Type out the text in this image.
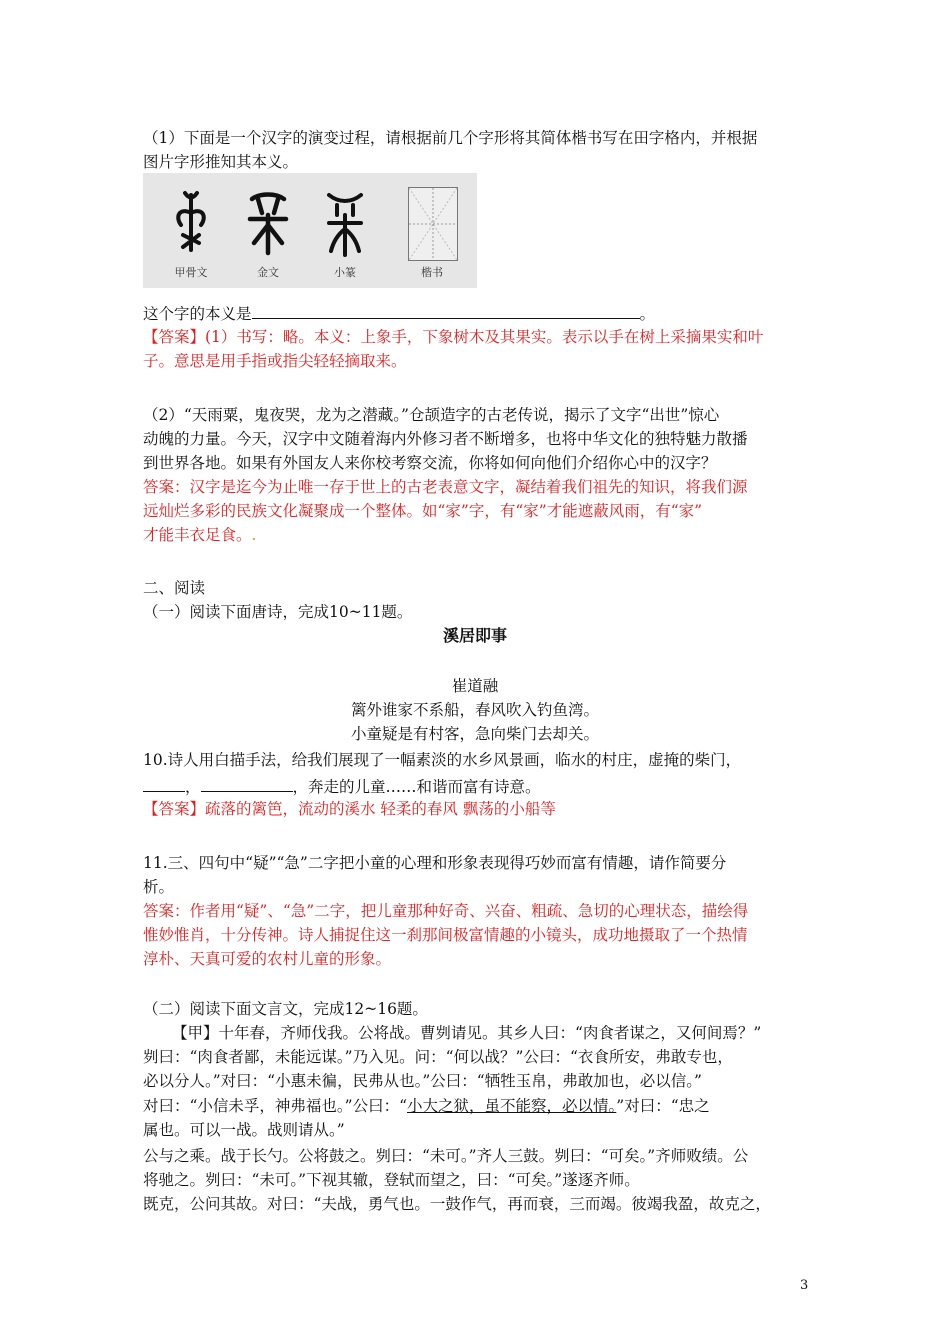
（1）下面是一个汉字的演变过程，请根据前几个字形将其简体楷书写在田字格内，并根据
图片字形推知其本义。
甲骨文	金文	小篆	楷书
这个字的本义是	。
【答案】(1）书写：略。本义：上象手，下象树木及其果实。表示以手在树上采摘果实和叶
子。意思是用手指或指尖轻轻摘取来。
（2）“天雨粟，鬼夜哭，龙为之潜藏。”仓颉造字的古老传说，揭示了文字“出世”惊心
动魄的力量。今天，汉字中文随着海内外修习者不断增多，也将中华文化的独特魅力散播
到世界各地。如果有外国友人来你校考察交流，你将如何向他们介绍你心中的汉字？
答案：汉字是迄今为止唯一存于世上的古老表意文字，凝结着我们祖先的知识，将我们源
远灿烂多彩的民族文化凝聚成一个整体。如“家”字，有“家”才能遮蔽风雨，有“家”
才能丰衣足食。.
二、阅读
（一）阅读下面唐诗，完成10~11题。
溪居即事
崔道融
篱外谁家不系船，春风吹入钓鱼湾。
小童疑是有村客，急向柴门去却关。
10.诗人用白描手法，给我们展现了一幅素淡的水乡风景画，临水的村庄，虚掩的柴门，
，	，奔走的儿童……和谐而富有诗意。
【答案】疏落的篱笆，流动的溪水 轻柔的春风 飘荡的小船等
11.三、四句中“疑”“急”二字把小童的心理和形象表现得巧妙而富有情趣，请作简要分
析。
答案：作者用“疑”、“急”二字，把儿童那种好奇、兴奋、粗疏、急切的心理状态，描绘得
惟妙惟肖，十分传神。诗人捕捉住这一刹那间极富情趣的小镜头，成功地摄取了一个热情
淳朴、天真可爱的农村儿童的形象。
（二）阅读下面文言文，完成12~16题。
【甲】十年春，齐师伐我。公将战。曹刿请见。其乡人曰：“肉食者谋之，又何间焉？”
刿曰：“肉食者鄙，未能远谋。”乃入见。问：“何以战？”公曰：“衣食所安，弗敢专也，
必以分人。”对曰：“小惠未徧，民弗从也。”公曰：“牺牲玉帛，弗敢加也，必以信。”
对曰：“小信未孚，神弗福也。”公曰：“小大之狱，虽不能察，必以情。”对曰：“忠之
属也。可以一战。战则请从。”
公与之乘。战于长勺。公将鼓之。刿曰：“未可。”齐人三鼓。刿曰：“可矣。”齐师败绩。公
将驰之。刿曰：“未可。”下视其辙，登轼而望之，曰：“可矣。”遂逐齐师。
既克，公问其故。对曰：“夫战，勇气也。一鼓作气，再而衰，三而竭。彼竭我盈，故克之，
3
